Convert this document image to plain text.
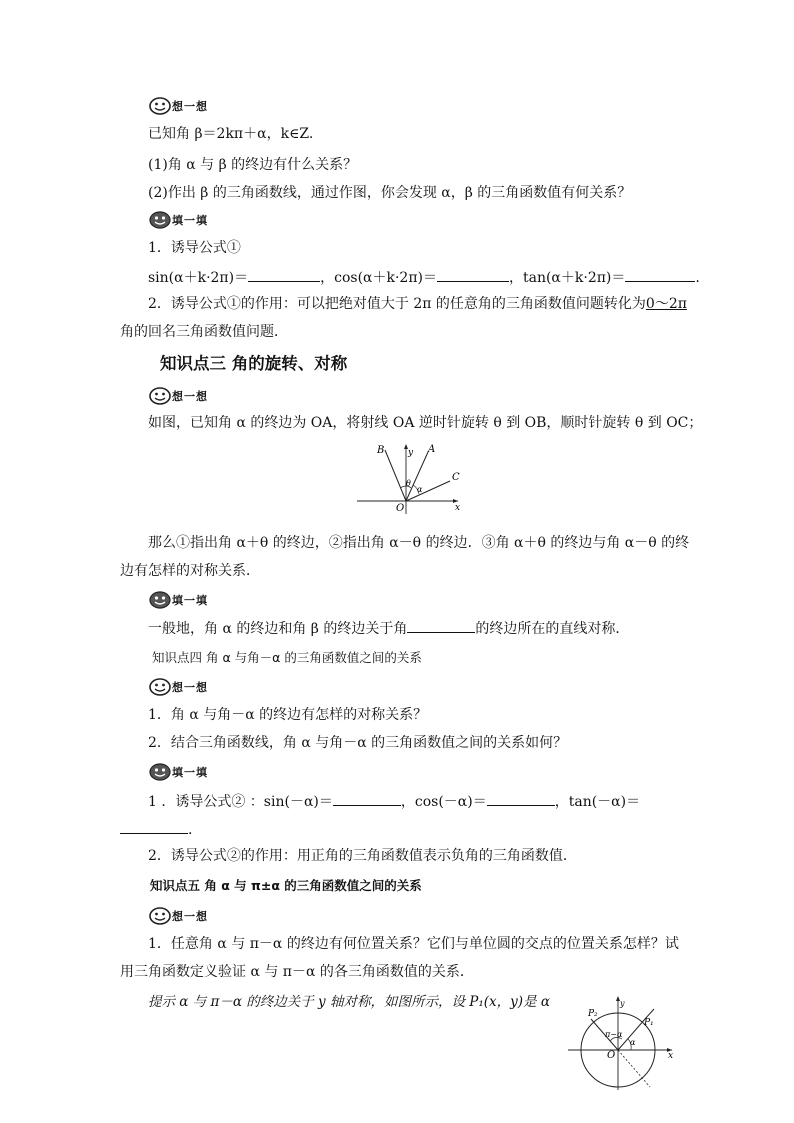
想一想
已知角 β＝2kπ＋α，k∈Z.
(1)角 α 与 β 的终边有什么关系？
(2)作出 β 的三角函数线，通过作图，你会发现 α，β 的三角函数值有何关系？
填一填
1．诱导公式①
sin(α＋k·2π)＝	，cos(α＋k·2π)＝	，tan(α＋k·2π)＝	.
2．诱导公式①的作用：可以把绝对值大于 2π 的任意角的三角函数值问题转化为0～2π
角的回名三角函数值问题．
知识点三 角的旋转、对称
想一想
如图，已知角 α 的终边为 OA，将射线 OA 逆时针旋转 θ 到 OB，顺时针旋转 θ 到 OC；
B	y A
C
θ
α
O	x
那么①指出角 α＋θ 的终边，②指出角 α－θ 的终边．③角 α＋θ 的终边与角 α－θ 的终
边有怎样的对称关系．
填一填
一般地，角 α 的终边和角 β 的终边关于角	的终边所在的直线对称．
知识点四 角 α 与角－α 的三角函数值之间的关系
想一想
1．角 α 与角－α 的终边有怎样的对称关系？
2．结合三角函数线，角 α 与角－α 的三角函数值之间的关系如何？
填一填
1 ．诱导公式② ：sin(－α)＝	，cos(－α)＝	，tan(－α)＝
.
2．诱导公式②的作用：用正角的三角函数值表示负角的三角函数值．
知识点五 角 α 与 π±α 的三角函数值之间的关系
想一想
1．任意角 α 与 π－α 的终边有何位置关系？它们与单位圆的交点的位置关系怎样？试
用三角函数定义验证 α 与 π－α 的各三角函数值的关系．
提示 α 与 π－α 的终边关于 y 轴对称，如图所示，设 P₁(x，y)是 α
P₂
P₁
y
x
O
π−α
α
